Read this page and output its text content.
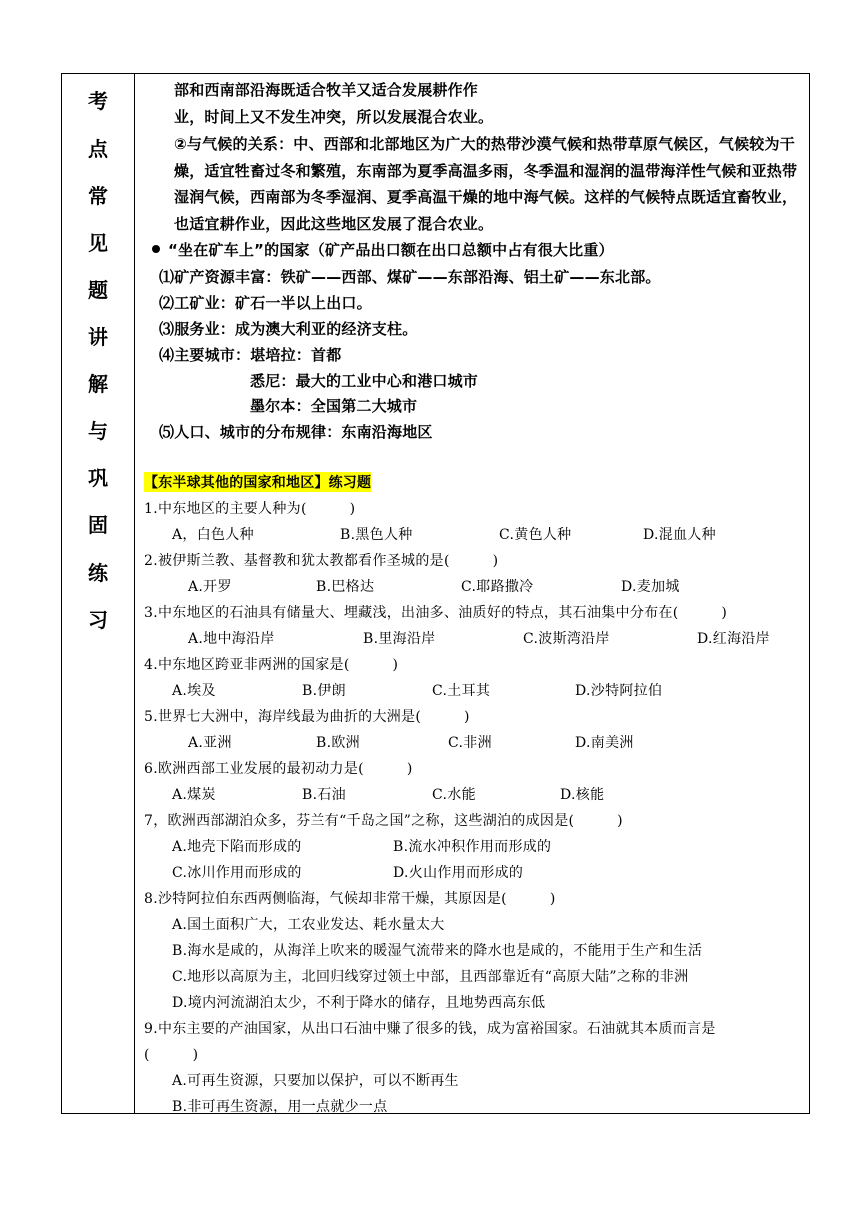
考
点
常
见
题
讲
解
与
巩
固
练
习
部和西南部沿海既适合牧羊又适合发展耕作作
业，时间上又不发生冲突，所以发展混合农业。
②与气候的关系：中、西部和北部地区为广大的热带沙漠气候和热带草原气候区，气候较为干
燥，适宜牲畜过冬和繁殖，东南部为夏季高温多雨，冬季温和湿润的温带海洋性气候和亚热带
湿润气候，西南部为冬季湿润、夏季高温干燥的地中海气候。这样的气候特点既适宜畜牧业，
也适宜耕作业，因此这些地区发展了混合农业。
“坐在矿车上”的国家（矿产品出口额在出口总额中占有很大比重）
⑴矿产资源丰富：铁矿——西部、煤矿——东部沿海、铝土矿——东北部。
⑵工矿业：矿石一半以上出口。
⑶服务业：成为澳大利亚的经济支柱。
⑷主要城市：堪培拉：首都
悉尼：最大的工业中心和港口城市
墨尔本：全国第二大城市
⑸人口、城市的分布规律：东南沿海地区
【东半球其他的国家和地区】练习题
1.中东地区的主要人种为(　　　)
A，白色人种	B.黑色人种	C.黄色人种	D.混血人种
2.被伊斯兰教、基督教和犹太教都看作圣城的是(　　　)
A.开罗	B.巴格达	C.耶路撒冷	D.麦加城
3.中东地区的石油具有储量大、埋藏浅，出油多、油质好的特点，其石油集中分布在(　　　)
A.地中海沿岸	B.里海沿岸	C.波斯湾沿岸	D.红海沿岸
4.中东地区跨亚非两洲的国家是(　　　)
A.埃及	B.伊朗	C.土耳其	D.沙特阿拉伯
5.世界七大洲中，海岸线最为曲折的大洲是(　　　)
A.亚洲	B.欧洲	C.非洲	D.南美洲
6.欧洲西部工业发展的最初动力是(　　　)
A.煤炭	B.石油	C.水能	D.核能
7，欧洲西部湖泊众多，芬兰有“千岛之国”之称，这些湖泊的成因是(　　　)
A.地壳下陷而形成的	B.流水冲积作用而形成的
C.冰川作用而形成的	D.火山作用而形成的
8.沙特阿拉伯东西两侧临海，气候却非常干燥，其原因是(　　　)
A.国土面积广大，工农业发达、耗水量太大
B.海水是咸的，从海洋上吹来的暖湿气流带来的降水也是咸的，不能用于生产和生活
C.地形以高原为主，北回归线穿过领土中部，且西部靠近有“高原大陆”之称的非洲
D.境内河流湖泊太少，不利于降水的储存，且地势西高东低
9.中东主要的产油国家，从出口石油中赚了很多的钱，成为富裕国家。石油就其本质而言是
(　　　)
A.可再生资源，只要加以保护，可以不断再生
B.非可再生资源，用一点就少一点
